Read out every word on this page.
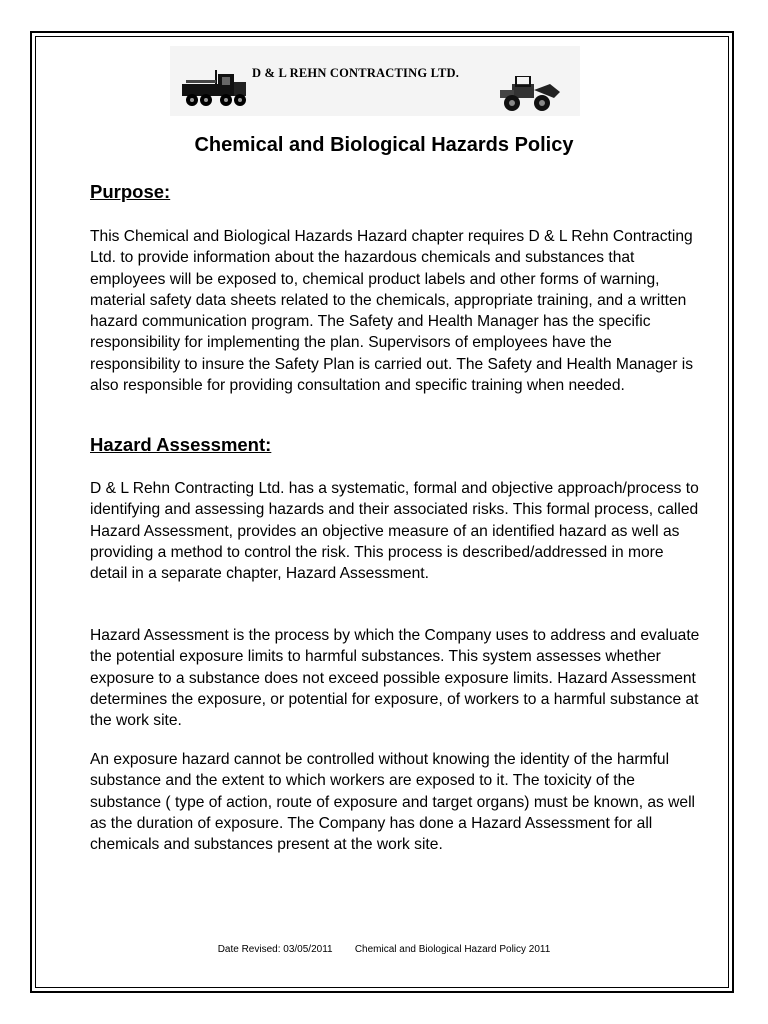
D & L REHN CONTRACTING LTD.
Chemical and Biological Hazards Policy
Purpose:

This Chemical and Biological Hazards Hazard chapter requires D & L Rehn Contracting Ltd. to provide information about the hazardous chemicals and substances that employees will be exposed to, chemical product labels and other forms of warning, material safety data sheets related to the chemicals, appropriate training, and a written hazard communication program. The Safety and Health Manager has the specific responsibility for implementing the plan. Supervisors of employees have the responsibility to insure the Safety Plan is carried out. The Safety and Health Manager is also responsible for providing consultation and specific training when needed.

Hazard Assessment:

D & L Rehn Contracting Ltd. has a systematic, formal and objective approach/process to identifying and assessing hazards and their associated risks. This formal process, called Hazard Assessment, provides an objective measure of an identified hazard as well as providing a method to control the risk. This process is described/addressed in more detail in a separate chapter, Hazard Assessment.

Hazard Assessment is the process by which the Company uses to address and evaluate the potential exposure limits to harmful substances. This system assesses whether exposure to a substance does not exceed possible exposure limits. Hazard Assessment determines the exposure, or potential for exposure, of workers to a harmful substance at the work site.

An exposure hazard cannot be controlled without knowing the identity of the harmful substance and the extent to which workers are exposed to it. The toxicity of the substance ( type of action, route of exposure and target organs) must be known, as well as the duration of exposure. The Company has done a Hazard Assessment for all chemicals and substances present at the work site.

Date Revised: 03/05/2011 Chemical and Biological Hazard Policy 2011
